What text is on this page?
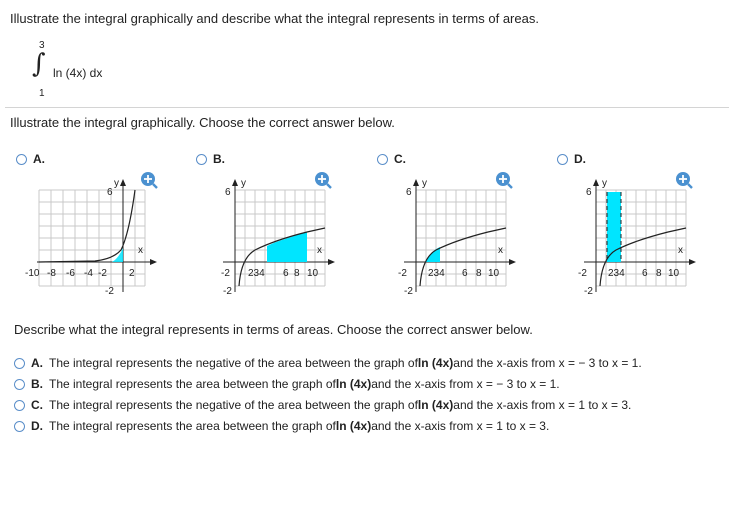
Illustrate the integral graphically and describe what the integral represents in terms of areas.
3
∫ ln (4x) dx
1
Illustrate the integral graphically. Choose the correct answer below.
A.	B.	C.	D.
y
x
6
-2
-10 -8 -6 -4 -2 2
y
x
6
-2
-2 234 6 8 10
y
x
6
-2
-2 234 6 8 10
y
x
6
-2
-2 234 6 8 10
Describe what the integral represents in terms of areas. Choose the correct answer below.
A. The integral represents the negative of the area between the graph of ln (4x) and the x-axis from x = − 3 to x = 1.
B. The integral represents the area between the graph of ln (4x) and the x-axis from x = − 3 to x = 1.
C. The integral represents the negative of the area between the graph of ln (4x) and the x-axis from x = 1 to x = 3.
D. The integral represents the area between the graph of ln (4x) and the x-axis from x = 1 to x = 3.
